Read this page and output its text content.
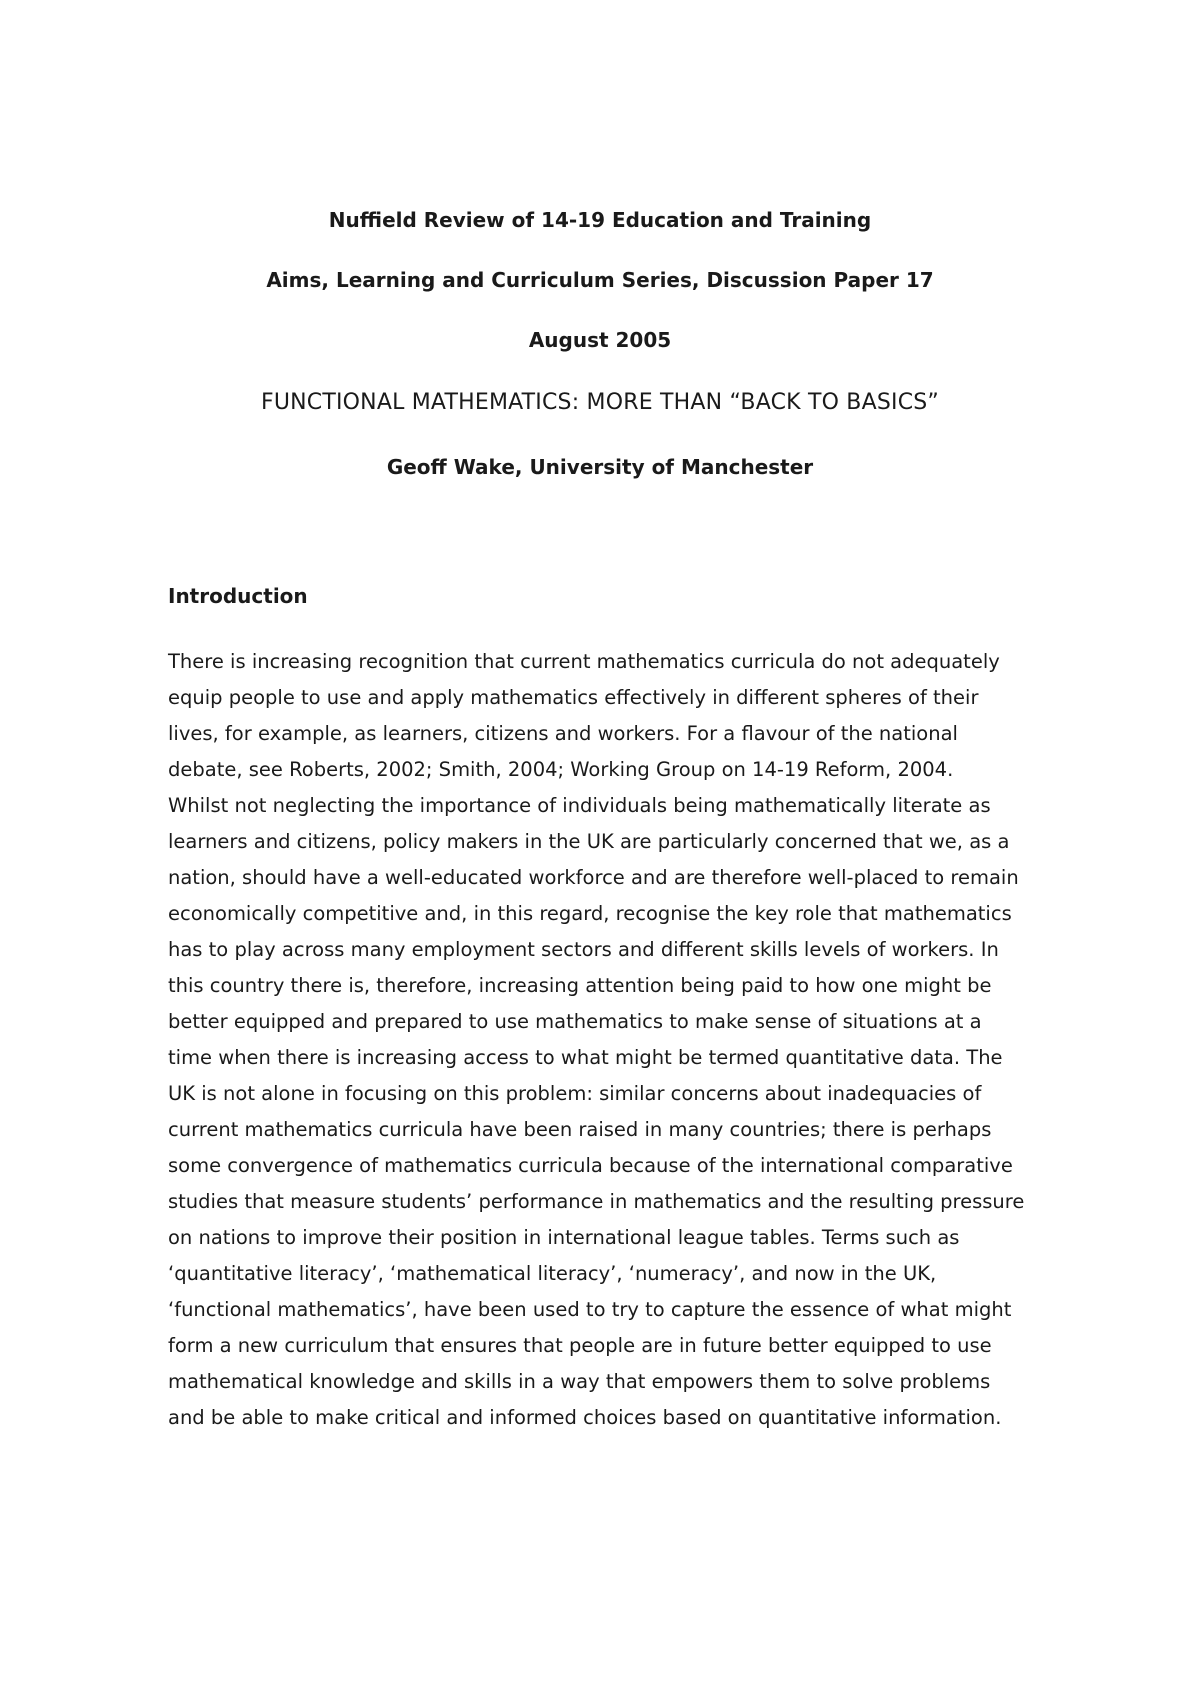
Nuffield Review of 14-19 Education and Training
Aims, Learning and Curriculum Series, Discussion Paper 17
August 2005
FUNCTIONAL MATHEMATICS: MORE THAN “BACK TO BASICS”
Geoff Wake, University of Manchester
Introduction
There is increasing recognition that current mathematics curricula do not adequately
equip people to use and apply mathematics effectively in different spheres of their
lives, for example, as learners, citizens and workers. For a flavour of the national
debate, see Roberts, 2002; Smith, 2004; Working Group on 14-19 Reform, 2004.
Whilst not neglecting the importance of individuals being mathematically literate as
learners and citizens, policy makers in the UK are particularly concerned that we, as a
nation, should have a well-educated workforce and are therefore well-placed to remain
economically competitive and, in this regard, recognise the key role that mathematics
has to play across many employment sectors and different skills levels of workers. In
this country there is, therefore, increasing attention being paid to how one might be
better equipped and prepared to use mathematics to make sense of situations at a
time when there is increasing access to what might be termed quantitative data. The
UK is not alone in focusing on this problem: similar concerns about inadequacies of
current mathematics curricula have been raised in many countries; there is perhaps
some convergence of mathematics curricula because of the international comparative
studies that measure students’ performance in mathematics and the resulting pressure
on nations to improve their position in international league tables. Terms such as
‘quantitative literacy’, ‘mathematical literacy’, ‘numeracy’, and now in the UK,
‘functional mathematics’, have been used to try to capture the essence of what might
form a new curriculum that ensures that people are in future better equipped to use
mathematical knowledge and skills in a way that empowers them to solve problems
and be able to make critical and informed choices based on quantitative information.
